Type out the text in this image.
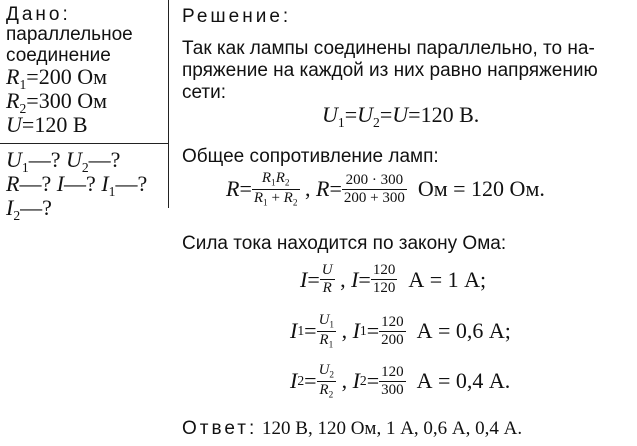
Дано:
параллельное
соединение
$R_1=200$ Ом
$R_2=300$ Ом
U=120 В
$U_1—$? $U_2—$?
R—? I—? $I_1—$?
$I_2—$?
Решение:
Так как лампы соединены параллельно, то на-
пряжение на каждой из них равно напряжению
сети:
$U_1=U_2=U=120$ В.
Общее сопротивление ламп:
$R = \frac{R_1R_2}{R_1 + R_2}$ , $R = \frac{200 \cdot 300}{200 + 300}$
Ом = 120 Ом.
Сила тока находится по закону Ома:
$I = \frac{U}{R}$ , $I = \frac{120}{120}$
А = 1 А;
I $1 = \frac{U_1}{R_1}$ , I $1 = \frac{120}{200}$
А = 0,6 А;
I $2 = \frac{U_2}{R_2}$ , I $2 = \frac{120}{300}$
А = 0,4 А.
Ответ: 120 В, 120 Ом, 1 А, 0,6 А, 0,4 А.
